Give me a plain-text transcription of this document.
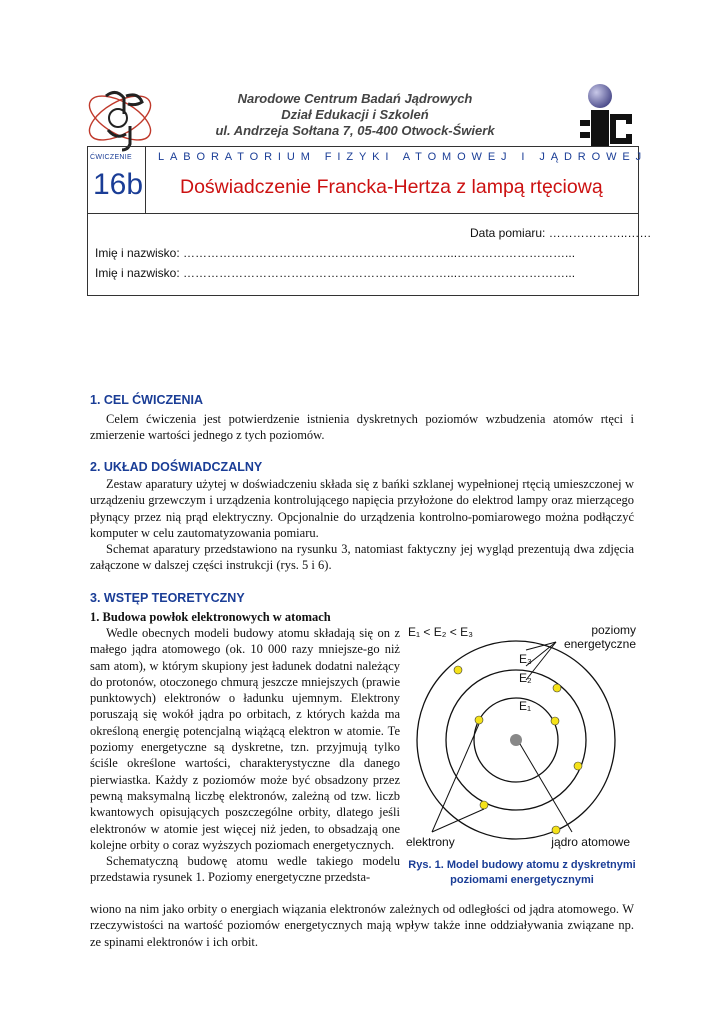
Narodowe Centrum Badań Jądrowych
Dział Edukacji i Szkoleń
ul. Andrzeja Sołtana 7, 05-400 Otwock-Świerk
ĆWICZENIE
16b
LABORATORIUM FIZYKI ATOMOWEJ I JĄDROWEJ
Doświadczenie Francka-Hertza z lampą rtęciową
Data pomiaru: ………………..……
Imię i nazwisko: …………………………………………………………...………………………...
Imię i nazwisko: …………………………………………………………...………………………...
1. CEL ĆWICZENIA

Celem ćwiczenia jest potwierdzenie istnienia dyskretnych poziomów wzbudzenia atomów rtęci i zmierzenie wartości jednego z tych poziomów.

2. UKŁAD DOŚWIADCZALNY

Zestaw aparatury użytej w doświadczeniu składa się z bańki szklanej wypełnionej rtęcią umieszczonej w urządzeniu grzewczym i urządzenia kontrolującego napięcia przyłożone do elektrod lampy oraz mierzącego płynący przez nią prąd elektryczny. Opcjonalnie do urządzenia kontrolno-pomiarowego można podłączyć komputer w celu zautomatyzowania pomiaru.

Schemat aparatury przedstawiono na rysunku 3, natomiast faktyczny jej wygląd prezentują dwa zdjęcia załączone w dalszej części instrukcji (rys. 5 i 6).

3. WSTĘP TEORETYCZNY
1. Budowa powłok elektronowych w atomach

Wedle obecnych modeli budowy atomu składają się on z małego jądra atomowego (ok. 10 000 razy mniejsze-go niż sam atom), w którym skupiony jest ładunek dodatni należący do protonów, otoczonego chmurą jeszcze mniejszych (prawie punktowych) elektronów o ładunku ujemnym. Elektrony poruszają się wokół jądra po orbitach, z których każda ma określoną energię potencjalną wiążącą elektron w atomie. Te poziomy energetyczne są dyskretne, tzn. przyjmują tylko ściśle określone wartości, charakterystyczne dla danego pierwiastka. Każdy z poziomów może być obsadzony przez pewną maksymalną liczbę elektronów, zależną od tzw. liczb kwantowych opisujących poszczególne orbity, dlatego jeśli elektronów w atomie jest więcej niż jeden, to obsadzają one kolejne orbity o coraz wyższych poziomach energetycznych.

Schematyczną budowę atomu wedle takiego modelu przedstawia rysunek 1. Poziomy energetyczne przedsta-

wiono na nim jako orbity o energiach wiązania elektronów zależnych od odległości od jądra atomowego. W rzeczywistości na wartość poziomów energetycznych mają wpływ także inne oddziaływania związane np. ze spinami elektronów i ich orbit.

E₁ < E₂ < E₃	poziomy
energetyczne
E₃
E₂
E₁
elektrony	jądro atomowe
Rys. 1. Model budowy atomu z dyskretnymi poziomami energetycznymi
